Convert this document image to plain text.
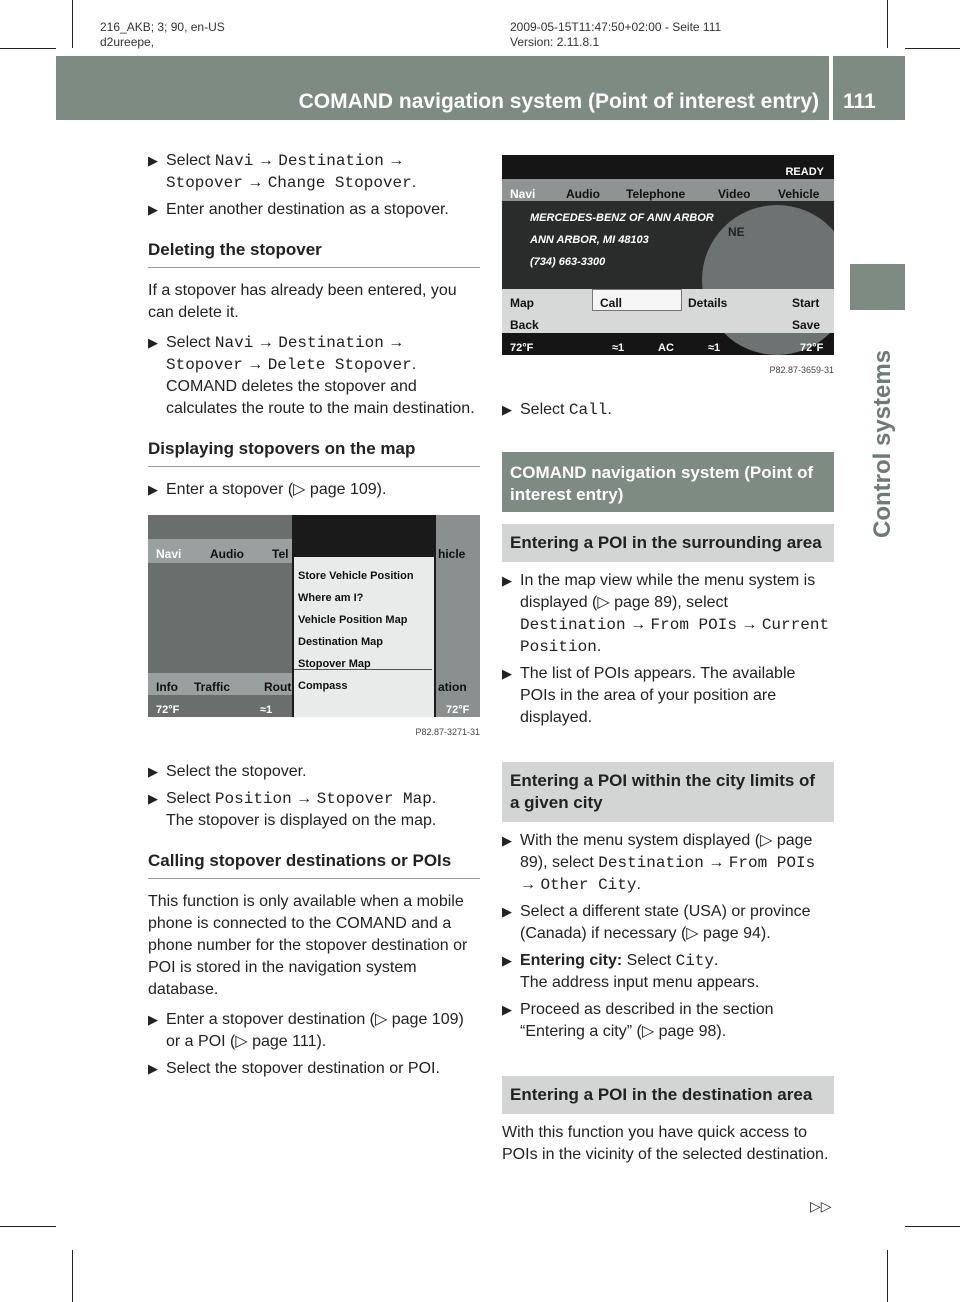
216_AKB; 3; 90, en-US
d2ureepe,
2009-05-15T11:47:50+02:00 - Seite 111
Version: 2.11.8.1
COMAND navigation system (Point of interest entry) 111
Control systems
▶ Select Navi → Destination → Stopover → Change Stopover.
▶ Enter another destination as a stopover.
Deleting the stopover
If a stopover has already been entered, you can delete it.
▶ Select Navi → Destination → Stopover → Delete Stopover.
COMAND deletes the stopover and calculates the route to the main destination.
Displaying stopovers on the map
▶ Enter a stopover (▷ page 109).
Navi Audio Tel	hicle
Store Vehicle Position
Where am I?
Vehicle Position Map
Destination Map
Stopover Map
Compass
Info Traffic	Rout	ation
72°F	≈1	72°F
P82.87-3271-31
▶ Select the stopover.
▶ Select Position → Stopover Map.
The stopover is displayed on the map.
Calling stopover destinations or POIs
This function is only available when a mobile phone is connected to the COMAND and a phone number for the stopover destination or POI is stored in the navigation system database.
▶ Enter a stopover destination (▷ page 109) or a POI (▷ page 111).
▶ Select the stopover destination or POI.
READY
Navi	Audio Telephone	Video Vehicle
NE
MERCEDES-BENZ OF ANN ARBOR
ANN ARBOR, MI 48103
(734) 663-3300
Map	Call	Details	Start
Back	Save
72°F	≈1	AC	≈1	72°F
P82.87-3659-31
▶ Select Call.
COMAND navigation system (Point of interest entry)
Entering a POI in the surrounding area
▶ In the map view while the menu system is displayed (▷ page 89), select Destination → From POIs → Current Position.
▶ The list of POIs appears. The available POIs in the area of your position are displayed.
Entering a POI within the city limits of a given city
▶ With the menu system displayed (▷ page 89), select Destination → From POIs → Other City.
▶ Select a different state (USA) or province (Canada) if necessary (▷ page 94).
▶ Entering city: Select City.
The address input menu appears.
▶ Proceed as described in the section “Entering a city” (▷ page 98).
Entering a POI in the destination area
With this function you have quick access to POIs in the vicinity of the selected destination.
▷▷
